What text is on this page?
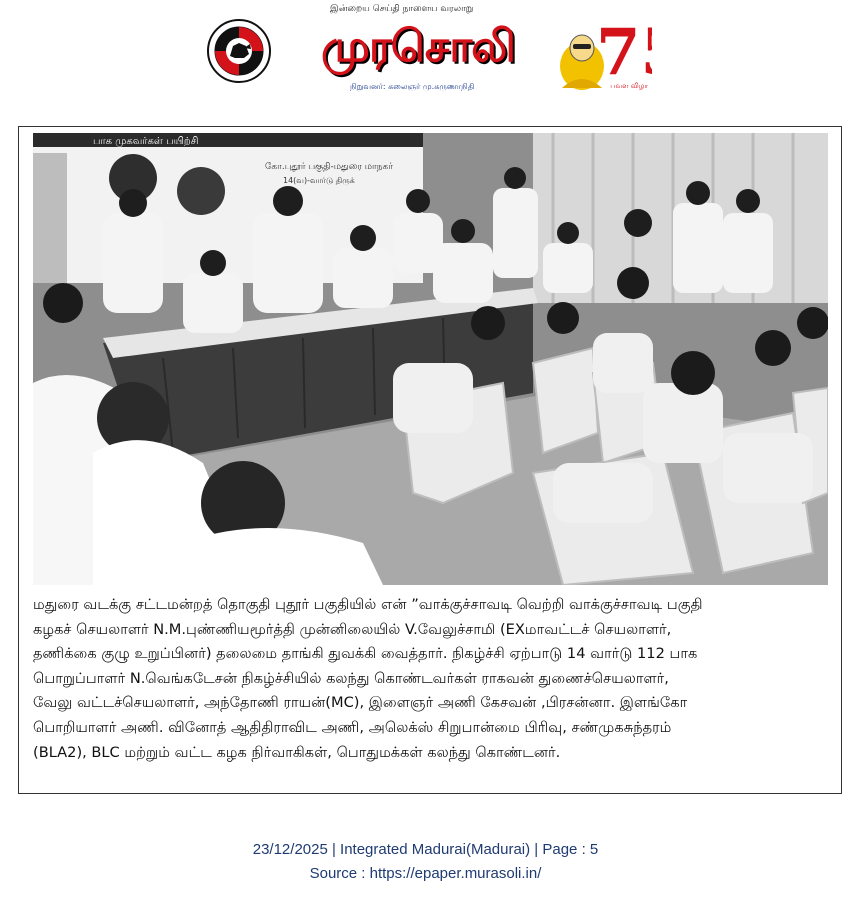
இன்றைய செய்தி நாளைய வரலாறு
முரசொலி
நிறுவனர்: கலைஞர் மு.கருணாநிதி 7
பவள விழா
பாக முகவர்கள் பயிற்சி
கோ.புதூர் பகுதி-மதுரை மாநகர்
14(வ)-வார்டு திருக்
மதுரை வடக்கு சட்டமன்றத் தொகுதி புதூர் பகுதியில் என் ”வாக்குச்சாவடி வெற்றி வாக்குச்சாவடி பகுதி
கழகச் செயலாளர் N.M.புண்ணியமூர்த்தி முன்னிலையில் V.வேலுச்சாமி (EXமாவட்டச் செயலாளர்,
தணிக்கை குழு உறுப்பினர்) தலைமை தாங்கி துவக்கி வைத்தார். நிகழ்ச்சி ஏற்பாடு 14 வார்டு 112 பாக
பொறுப்பாளர் N.வெங்கடேசன் நிகழ்ச்சியில் கலந்து கொண்டவர்கள் ராகவன் துணைச்செயலாளர்,
வேலு வட்டச்செயலாளர், அந்தோணி ராயன்(MC), இளைஞர் அணி கேசவன் ,பிரசன்னா. இளங்கோ
பொறியாளர் அணி. வினோத் ஆதிதிராவிட அணி, அலெக்ஸ் சிறுபான்மை பிரிவு, சண்முகசுந்தரம்
(BLA2), BLC மற்றும் வட்ட கழக நிர்வாகிகள், பொதுமக்கள் கலந்து கொண்டனர்.
23/12/2025 | Integrated Madurai(Madurai) | Page : 5
Source : https://epaper.murasoli.in/
